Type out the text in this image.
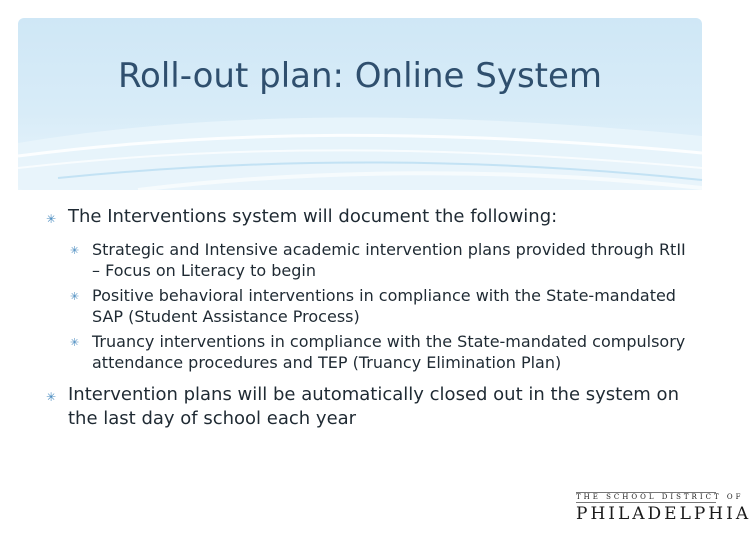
Roll-out plan: Online System
✳ The Interventions system will document the following:
✳ Strategic and Intensive academic intervention plans provided through RtII – Focus on Literacy to begin
✳ Positive behavioral interventions in compliance with the State-mandated SAP (Student Assistance Process)
✳ Truancy interventions in compliance with the State-mandated compulsory attendance procedures and TEP (Truancy Elimination Plan)
✳ Intervention plans will be automatically closed out in the system on the last day of school each year
THE SCHOOL DISTRICT OF
PHILADELPHIA
